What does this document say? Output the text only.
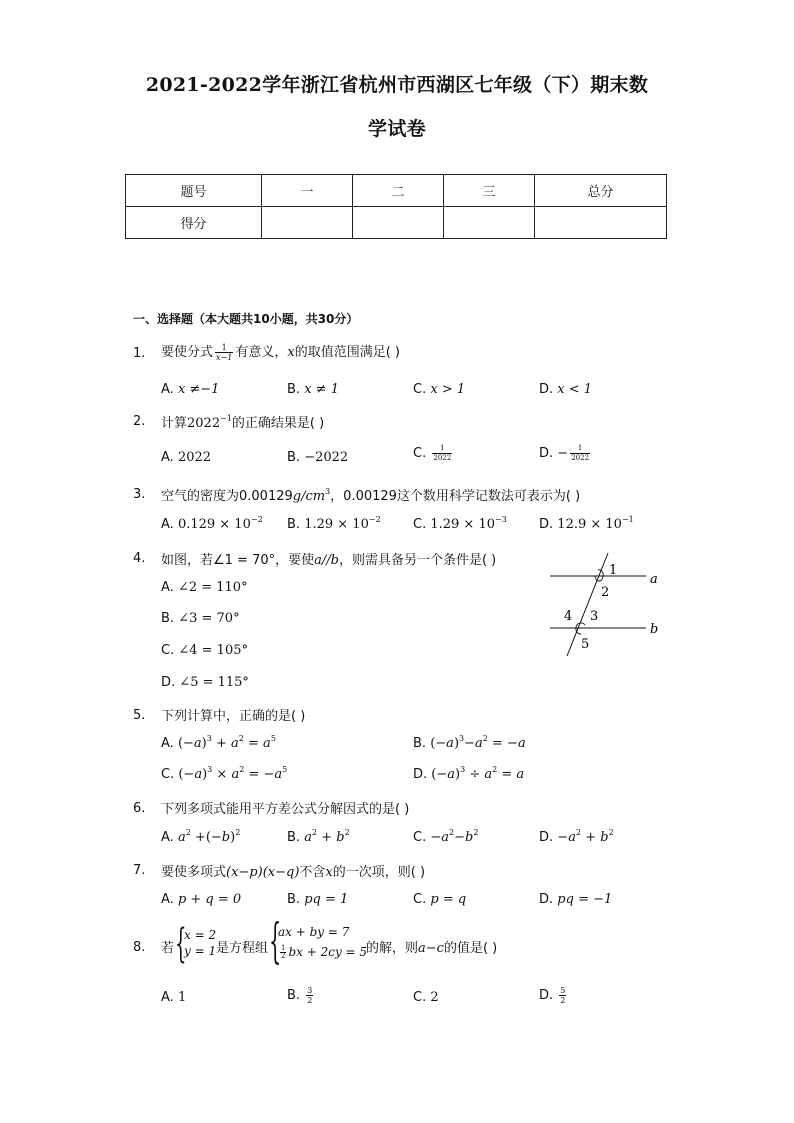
2021-2022学年浙江省杭州市西湖区七年级（下）期末数
学试卷
题号	一	二	三	总分
得分				
一、选择题（本大题共10小题，共30分）
1. 要使分式 $\frac{1}{x-1}$ 有意义，x的取值范围满足( )
A. x ≠−1	B. x ≠ 1	C. x > 1	D. x < 1
2. 计算$2022^{-1}$的正确结果是( )
A. 2022	B. −2022	C. $\frac{1}{2022}$	D. − $\frac{1}{2022}$
3. 空气的密度为$0.00129g/cm^3$，0.00129这个数用科学记数法可表示为( )
A. $0.129 \times 10^{-2}$ B. $1.29 \times 10^{-2}$ C. $1.29 \times 10^{-3}$ D. $12.9 \times 10^{-1}$
4. 如图，若∠1 = 70°，要使a//b，则需具备另一个条件是( )
A. ∠2 = 110°
B. ∠3 = 70°
C. ∠4 = 105°
D. ∠5 = 115°
1
2
3
4
5
a
b
5. 下列计算中，正确的是( )
A. $(-a)^3 + a^2 = a^5$	B. $(-a)^3-a^2 = -a$
C. $(-a)^3 \times a^2 = -a^5$	D. $(-a)^3 \div a^2 = a$
6. 下列多项式能用平方差公式分解因式的是( )
A. $a^2 +(-b)^2$	B. $a^2 + b^2$	C. $-a^2-b^2$	D. $-a^2 + b^2$
7. 要使多项式(x−p)(x−q)不含x的一次项，则( )
A. p + q = 0	B. pq = 1	C. p = q	D. pq = −1
8. 若 {
x = 2
y = 1 是方程组 {
ax + by = 7
$\frac{1}{2}$ bx + 2cy = 5
的解，则a−c的值是( )
A. 1	B. $\frac{3}{2}$	C. 2	D. $\frac{5}{2}$
